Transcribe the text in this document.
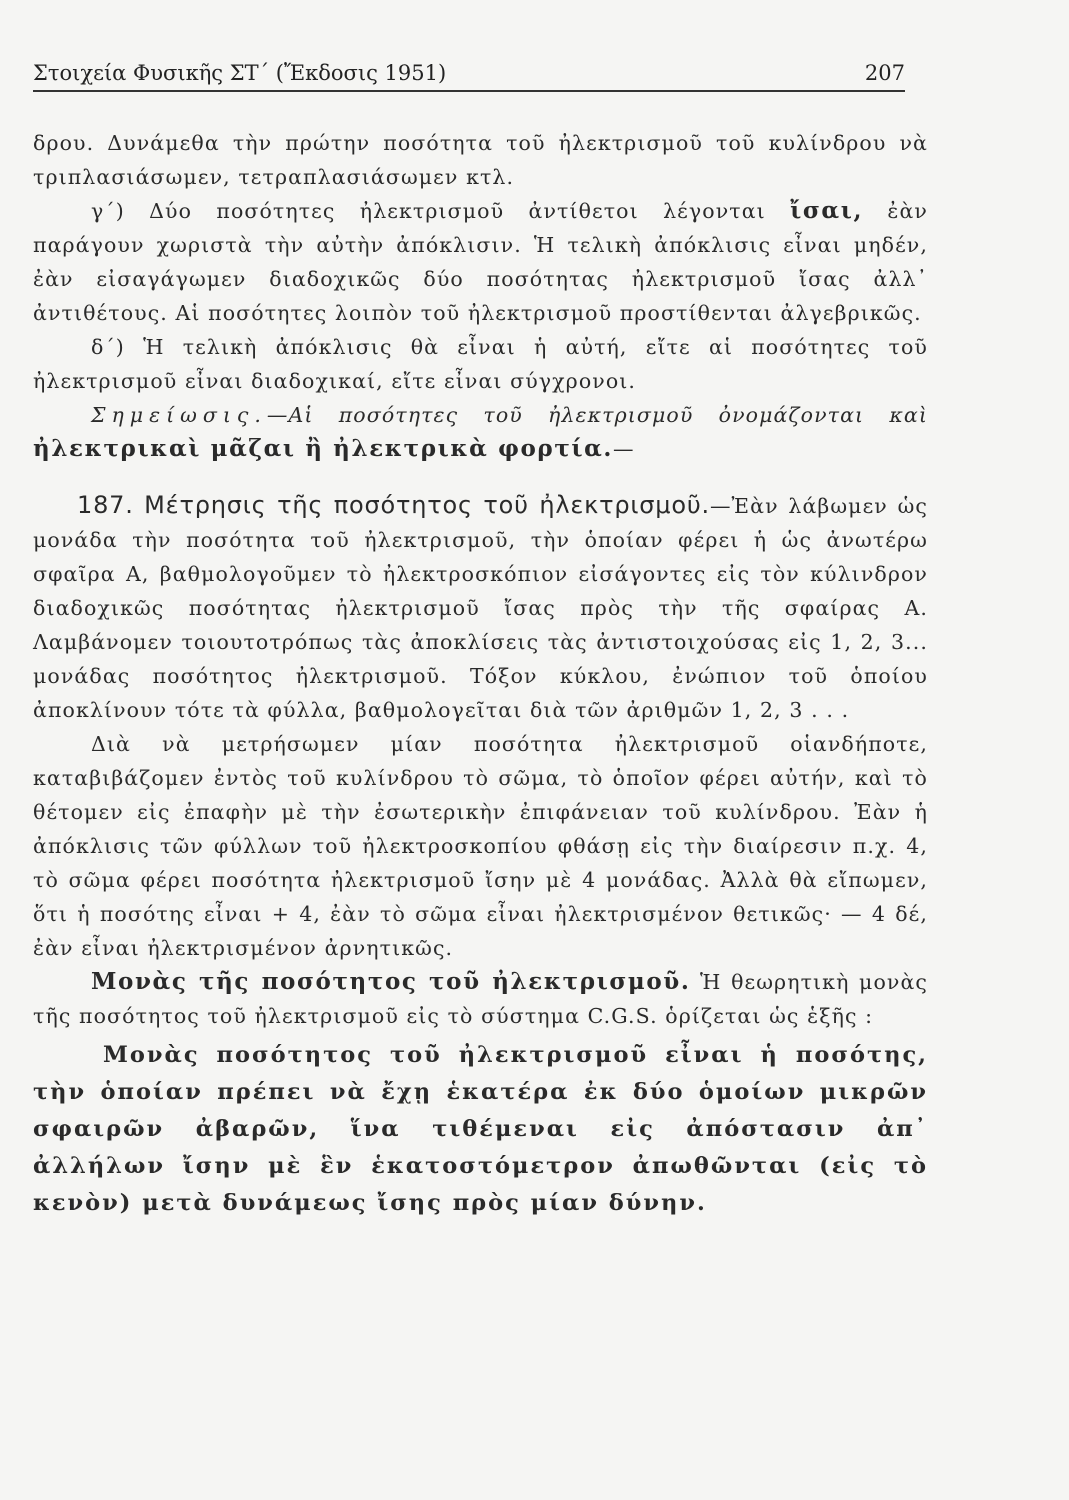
Στοιχεία Φυσικῆς ΣΤ΄ (Ἔκδοσις 1951)	207
δρου. Δυνάμεθα τὴν πρώτην ποσότητα τοῦ ἠλεκτρισμοῦ τοῦ κυλίνδρου νὰ τριπλασιάσωμεν, τετραπλασιάσωμεν κτλ.
γ΄) Δύο ποσότητες ἠλεκτρισμοῦ ἀντίθετοι λέγονται ἴσαι, ἐὰν παράγουν χωριστὰ τὴν αὐτὴν ἀπόκλισιν. Ἡ τελικὴ ἀπόκλισις εἶναι μηδέν, ἐὰν εἰσαγάγωμεν διαδοχικῶς δύο ποσότητας ἠλεκτρισμοῦ ἴσας ἀλλ᾽ ἀντιθέτους. Αἱ ποσότητες λοιπὸν τοῦ ἠλεκτρισμοῦ προστίθενται ἀλγεβρικῶς.
δ΄) Ἡ τελικὴ ἀπόκλισις θὰ εἶναι ἡ αὐτή, εἴτε αἱ ποσότητες τοῦ ἠλεκτρισμοῦ εἶναι διαδοχικαί, εἴτε εἶναι σύγχρονοι.
Σημείωσις.—Αἱ ποσότητες τοῦ ἠλεκτρισμοῦ ὀνομάζονται καὶ ἠλεκτρικαὶ μᾶζαι ἢ ἠλεκτρικὰ φορτία.—
187. Μέτρησις τῆς ποσότητος τοῦ ἠλεκτρισμοῦ.—Ἐὰν λάβωμεν ὡς μονάδα τὴν ποσότητα τοῦ ἠλεκτρισμοῦ, τὴν ὁποίαν φέρει ἡ ὡς ἀνωτέρω σφαῖρα Α, βαθμολογοῦμεν τὸ ἠλεκτροσκόπιον εἰσάγοντες εἰς τὸν κύλινδρον διαδοχικῶς ποσότητας ἠλεκτρισμοῦ ἴσας πρὸς τὴν τῆς σφαίρας Α. Λαμβάνομεν τοιουτοτρόπως τὰς ἀποκλίσεις τὰς ἀντιστοιχούσας εἰς 1, 2, 3... μονάδας ποσότητος ἠλεκτρισμοῦ. Τόξον κύκλου, ἐνώπιον τοῦ ὁποίου ἀποκλίνουν τότε τὰ φύλλα, βαθμολογεῖται διὰ τῶν ἀριθμῶν 1, 2, 3 . . .
Διὰ νὰ μετρήσωμεν μίαν ποσότητα ἠλεκτρισμοῦ οἱανδήποτε, καταβιβάζομεν ἐντὸς τοῦ κυλίνδρου τὸ σῶμα, τὸ ὁποῖον φέρει αὐτήν, καὶ τὸ θέτομεν εἰς ἐπαφὴν μὲ τὴν ἐσωτερικὴν ἐπιφάνειαν τοῦ κυλίνδρου. Ἐὰν ἡ ἀπόκλισις τῶν φύλλων τοῦ ἠλεκτροσκοπίου φθάσῃ εἰς τὴν διαίρεσιν π.χ. 4, τὸ σῶμα φέρει ποσότητα ἠλεκτρισμοῦ ἴσην μὲ 4 μονάδας. Ἀλλὰ θὰ εἴπωμεν, ὅτι ἡ ποσότης εἶναι + 4, ἐὰν τὸ σῶμα εἶναι ἠλεκτρισμένον θετικῶς· — 4 δέ, ἐὰν εἶναι ἠλεκτρισμένον ἀρνητικῶς.
Μονὰς τῆς ποσότητος τοῦ ἠλεκτρισμοῦ. Ἡ θεωρητικὴ μονὰς τῆς ποσότητος τοῦ ἠλεκτρισμοῦ εἰς τὸ σύστημα C.G.S. ὁρίζεται ὡς ἑξῆς :
Μονὰς ποσότητος τοῦ ἠλεκτρισμοῦ εἶναι ἡ ποσότης, τὴν ὁποίαν πρέπει νὰ ἔχῃ ἑκατέρα ἐκ δύο ὁμοίων μικρῶν σφαιρῶν ἀβαρῶν, ἵνα τιθέμεναι εἰς ἀπόστασιν ἀπ᾽ ἀλλήλων ἴσην μὲ ἓν ἑκατοστόμετρον ἀπωθῶνται (εἰς τὸ κενὸν) μετὰ δυνάμεως ἴσης πρὸς μίαν δύνην.
